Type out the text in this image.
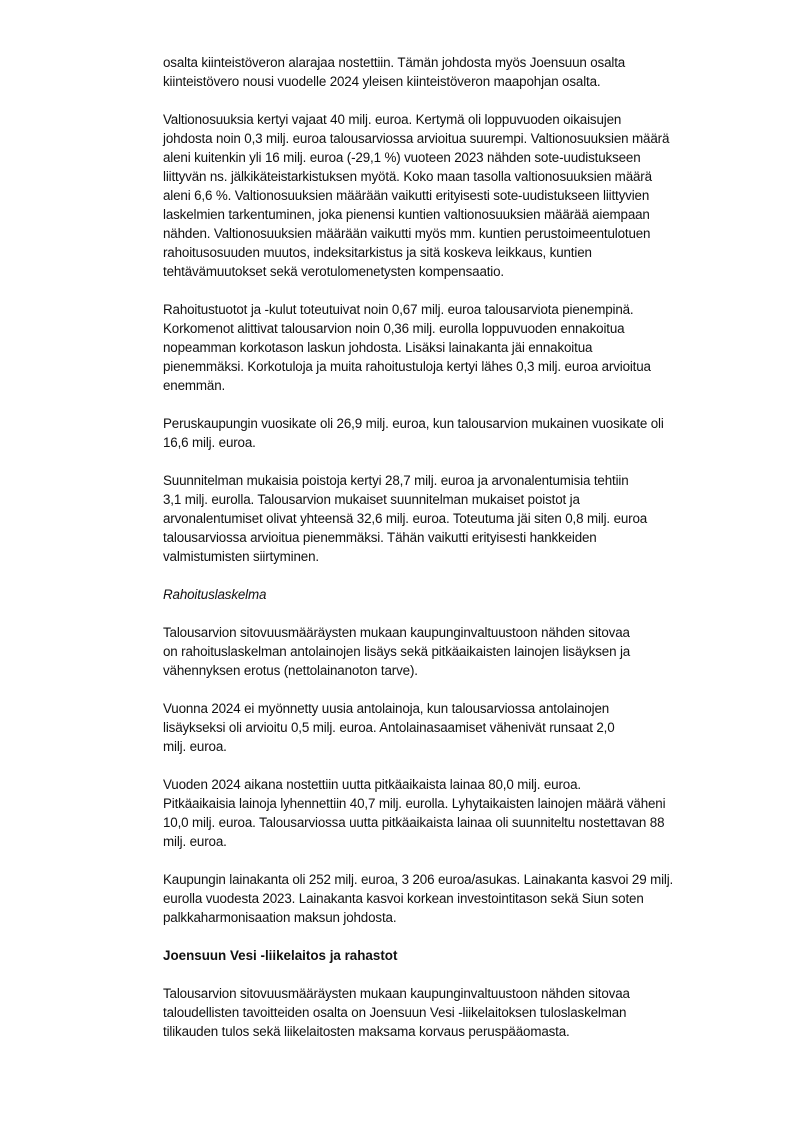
osalta kiinteistöveron alarajaa nostettiin. Tämän johdosta myös Joensuun osalta
kiinteistövero nousi vuodelle 2024 yleisen kiinteistöveron maapohjan osalta.
Valtionosuuksia kertyi vajaat 40 milj. euroa. Kertymä oli loppuvuoden oikaisujen
johdosta noin 0,3 milj. euroa talousarviossa arvioitua suurempi. Valtionosuuksien määrä
aleni kuitenkin yli 16 milj. euroa (-29,1 %) vuoteen 2023 nähden sote-uudistukseen
liittyvän ns. jälkikäteistarkistuksen myötä. Koko maan tasolla valtionosuuksien määrä
aleni 6,6 %. Valtionosuuksien määrään vaikutti erityisesti sote-uudistukseen liittyvien
laskelmien tarkentuminen, joka pienensi kuntien valtionosuuksien määrää aiempaan
nähden. Valtionosuuksien määrään vaikutti myös mm. kuntien perustoimeentulotuen
rahoitusosuuden muutos, indeksitarkistus ja sitä koskeva leikkaus, kuntien
tehtävämuutokset sekä verotulomenetysten kompensaatio.
Rahoitustuotot ja -kulut toteutuivat noin 0,67 milj. euroa talousarviota pienempinä.
Korkomenot alittivat talousarvion noin 0,36 milj. eurolla loppuvuoden ennakoitua
nopeamman korkotason laskun johdosta. Lisäksi lainakanta jäi ennakoitua
pienemmäksi. Korkotuloja ja muita rahoitustuloja kertyi lähes 0,3 milj. euroa arvioitua
enemmän.
Peruskaupungin vuosikate oli 26,9 milj. euroa, kun talousarvion mukainen vuosikate oli
16,6 milj. euroa.
Suunnitelman mukaisia poistoja kertyi 28,7 milj. euroa ja arvonalentumisia tehtiin
3,1 milj. eurolla. Talousarvion mukaiset suunnitelman mukaiset poistot ja
arvonalentumiset olivat yhteensä 32,6 milj. euroa. Toteutuma jäi siten 0,8 milj. euroa
talousarviossa arvioitua pienemmäksi. Tähän vaikutti erityisesti hankkeiden
valmistumisten siirtyminen.
Rahoituslaskelma
Talousarvion sitovuusmääräysten mukaan kaupunginvaltuustoon nähden sitovaa
on rahoituslaskelman antolainojen lisäys sekä pitkäaikaisten lainojen lisäyksen ja
vähennyksen erotus (nettolainanoton tarve).
Vuonna 2024 ei myönnetty uusia antolainoja, kun talousarviossa antolainojen
lisäykseksi oli arvioitu 0,5 milj. euroa. Antolainasaamiset vähenivät runsaat 2,0
milj. euroa.
Vuoden 2024 aikana nostettiin uutta pitkäaikaista lainaa 80,0 milj. euroa.
Pitkäaikaisia lainoja lyhennettiin 40,7 milj. eurolla. Lyhytaikaisten lainojen määrä väheni
10,0 milj. euroa. Talousarviossa uutta pitkäaikaista lainaa oli suunniteltu nostettavan 88
milj. euroa.
Kaupungin lainakanta oli 252 milj. euroa, 3 206 euroa/asukas. Lainakanta kasvoi 29 milj.
eurolla vuodesta 2023. Lainakanta kasvoi korkean investointitason sekä Siun soten
palkkaharmonisaation maksun johdosta.
Joensuun Vesi -liikelaitos ja rahastot
Talousarvion sitovuusmääräysten mukaan kaupunginvaltuustoon nähden sitovaa
taloudellisten tavoitteiden osalta on Joensuun Vesi -liikelaitoksen tuloslaskelman
tilikauden tulos sekä liikelaitosten maksama korvaus peruspääomasta.
